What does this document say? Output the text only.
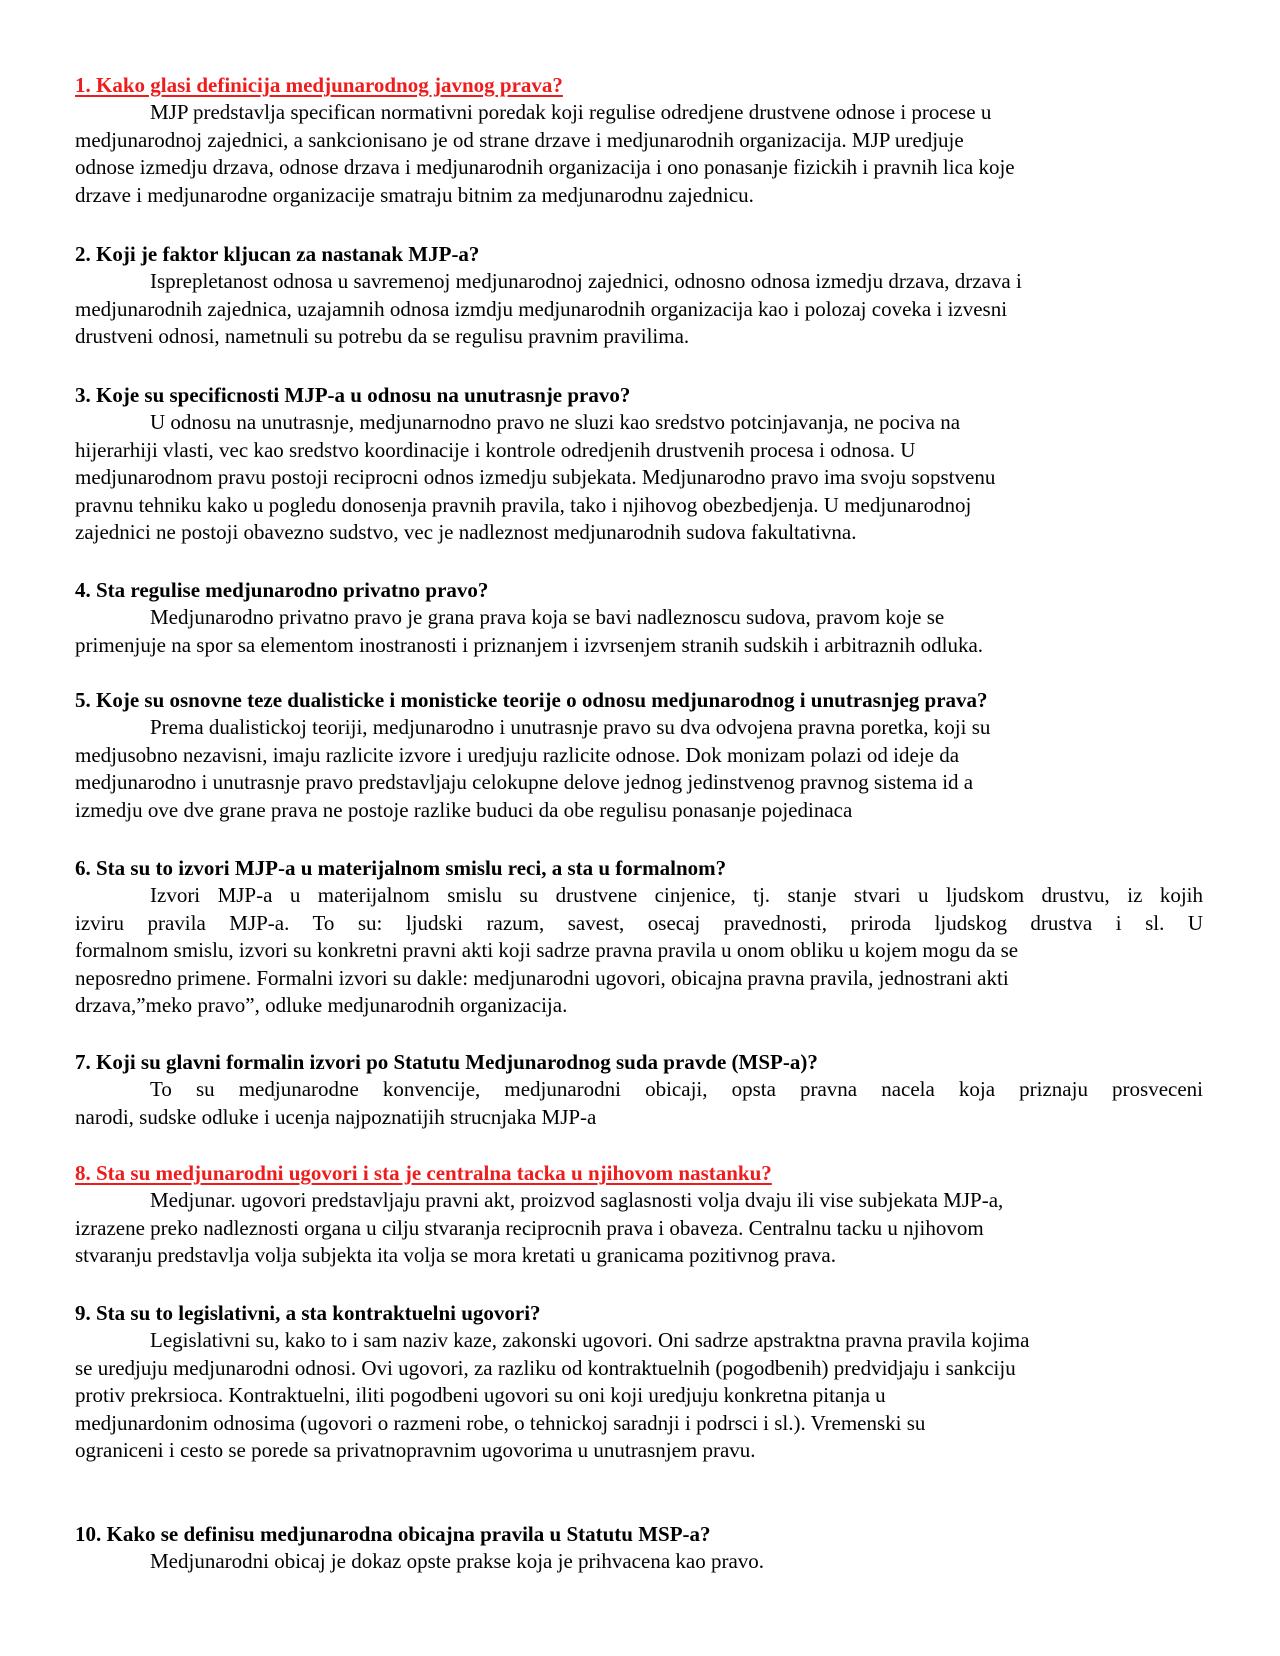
1. Kako glasi definicija medjunarodnog javnog prava?

MJP predstavlja specifican normativni poredak koji regulise odredjene drustvene odnose i procese u
medjunarodnoj zajednici, a sankcionisano je od strane drzave i medjunarodnih organizacija. MJP uredjuje
odnose izmedju drzava, odnose drzava i medjunarodnih organizacija i ono ponasanje fizickih i pravnih lica koje
drzave i medjunarodne organizacije smatraju bitnim za medjunarodnu zajednicu.

2. Koji je faktor kljucan za nastanak MJP-a?

Isprepletanost odnosa u savremenoj medjunarodnoj zajednici, odnosno odnosa izmedju drzava, drzava i
medjunarodnih zajednica, uzajamnih odnosa izmdju medjunarodnih organizacija kao i polozaj coveka i izvesni
drustveni odnosi, nametnuli su potrebu da se regulisu pravnim pravilima.

3. Koje su specificnosti MJP-a u odnosu na unutrasnje pravo?

U odnosu na unutrasnje, medjunarnodno pravo ne sluzi kao sredstvo potcinjavanja, ne pociva na
hijerarhiji vlasti, vec kao sredstvo koordinacije i kontrole odredjenih drustvenih procesa i odnosa. U
medjunarodnom pravu postoji reciprocni odnos izmedju subjekata. Medjunarodno pravo ima svoju sopstvenu
pravnu tehniku kako u pogledu donosenja pravnih pravila, tako i njihovog obezbedjenja. U medjunarodnoj
zajednici ne postoji obavezno sudstvo, vec je nadleznost medjunarodnih sudova fakultativna.

4. Sta regulise medjunarodno privatno pravo?

Medjunarodno privatno pravo je grana prava koja se bavi nadleznoscu sudova, pravom koje se
primenjuje na spor sa elementom inostranosti i priznanjem i izvrsenjem stranih sudskih i arbitraznih odluka.

5. Koje su osnovne teze dualisticke i monisticke teorije o odnosu medjunarodnog i unutrasnjeg prava?

Prema dualistickoj teoriji, medjunarodno i unutrasnje pravo su dva odvojena pravna poretka, koji su
medjusobno nezavisni, imaju razlicite izvore i uredjuju razlicite odnose. Dok monizam polazi od ideje da
medjunarodno i unutrasnje pravo predstavljaju celokupne delove jednog jedinstvenog pravnog sistema id a
izmedju ove dve grane prava ne postoje razlike buduci da obe regulisu ponasanje pojedinaca

6. Sta su to izvori MJP-a u materijalnom smislu reci, a sta u formalnom?

Izvori MJP-a u materijalnom smislu su drustvene cinjenice, tj. stanje stvari u ljudskom drustvu, iz kojih
izviru pravila MJP-a. To su: ljudski razum, savest, osecaj pravednosti, priroda ljudskog drustva i sl. U
formalnom smislu, izvori su konkretni pravni akti koji sadrze pravna pravila u onom obliku u kojem mogu da se
neposredno primene. Formalni izvori su dakle: medjunarodni ugovori, obicajna pravna pravila, jednostrani akti
drzava,”meko pravo”, odluke medjunarodnih organizacija.

7. Koji su glavni formalin izvori po Statutu Medjunarodnog suda pravde (MSP-a)?

To su medjunarodne konvencije, medjunarodni obicaji, opsta pravna nacela koja priznaju prosveceni
narodi, sudske odluke i ucenja najpoznatijih strucnjaka MJP-a

8. Sta su medjunarodni ugovori i sta je centralna tacka u njihovom nastanku?

Medjunar. ugovori predstavljaju pravni akt, proizvod saglasnosti volja dvaju ili vise subjekata MJP-a,
izrazene preko nadleznosti organa u cilju stvaranja reciprocnih prava i obaveza. Centralnu tacku u njihovom
stvaranju predstavlja volja subjekta ita volja se mora kretati u granicama pozitivnog prava.

9. Sta su to legislativni, a sta kontraktuelni ugovori?

Legislativni su, kako to i sam naziv kaze, zakonski ugovori. Oni sadrze apstraktna pravna pravila kojima
se uredjuju medjunarodni odnosi. Ovi ugovori, za razliku od kontraktuelnih (pogodbenih) predvidjaju i sankciju
protiv prekrsioca. Kontraktuelni, iliti pogodbeni ugovori su oni koji uredjuju konkretna pitanja u
medjunardonim odnosima (ugovori o razmeni robe, o tehnickoj saradnji i podrsci i sl.). Vremenski su
ograniceni i cesto se porede sa privatnopravnim ugovorima u unutrasnjem pravu.

10. Kako se definisu medjunarodna obicajna pravila u Statutu MSP-a?

Medjunarodni obicaj je dokaz opste prakse koja je prihvacena kao pravo.
